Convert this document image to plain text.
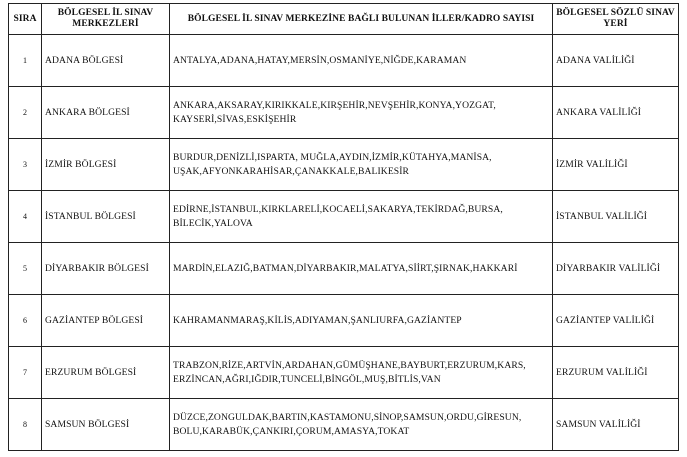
SIRA	BÖLGESEL İL SINAV MERKEZLERİ	BÖLGESEL İL SINAV MERKEZİNE BAĞLI BULUNAN İLLER/KADRO SAYISI	BÖLGESEL SÖZLÜ SINAV YERİ
1	ADANA BÖLGESİ	ANTALYA,ADANA,HATAY,MERSİN,OSMANİYE,NİĞDE,KARAMAN	ADANA VALİLİĞİ
2	ANKARA BÖLGESİ	ANKARA,AKSARAY,KIRIKKALE,KIRŞEHİR,NEVŞEHİR,KONYA,YOZGAT, KAYSERİ,SİVAS,ESKİŞEHİR	ANKARA VALİLİĞİ
3	İZMİR BÖLGESİ	BURDUR,DENİZLİ,ISPARTA, MUĞLA,AYDIN,İZMİR,KÜTAHYA,MANİSA, UŞAK,AFYONKARAHİSAR,ÇANAKKALE,BALIKESİR	İZMİR VALİLİĞİ
4	İSTANBUL BÖLGESİ	EDİRNE,İSTANBUL,KIRKLARELİ,KOCAELİ,SAKARYA,TEKİRDAĞ,BURSA, BİLECİK,YALOVA	İSTANBUL VALİLİĞİ
5	DİYARBAKIR BÖLGESİ	MARDİN,ELAZIĞ,BATMAN,DİYARBAKIR,MALATYA,SİİRT,ŞIRNAK,HAKKARİ	DİYARBAKIR VALİLİĞİ
6	GAZİANTEP BÖLGESİ	KAHRAMANMARAŞ,KİLİS,ADIYAMAN,ŞANLIURFA,GAZİANTEP	GAZİANTEP VALİLİĞİ
7	ERZURUM BÖLGESİ	TRABZON,RİZE,ARTVİN,ARDAHAN,GÜMÜŞHANE,BAYBURT,ERZURUM,KARS, ERZİNCAN,AĞRI,IĞDIR,TUNCELİ,BİNGÖL,MUŞ,BİTLİS,VAN	ERZURUM VALİLİĞİ
8	SAMSUN BÖLGESİ	DÜZCE,ZONGULDAK,BARTIN,KASTAMONU,SİNOP,SAMSUN,ORDU,GİRESUN, BOLU,KARABÜK,ÇANKIRI,ÇORUM,AMASYA,TOKAT	SAMSUN VALİLİĞİ
